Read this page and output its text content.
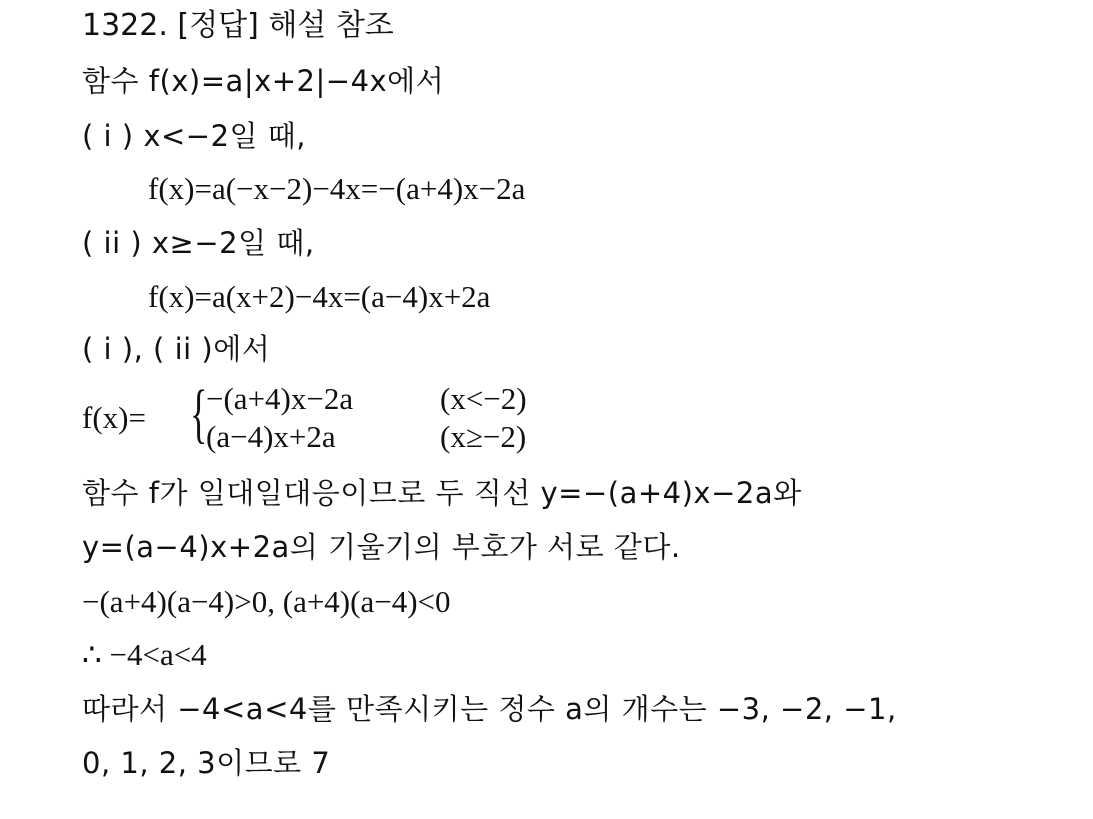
1322. [정답] 해설 참조
함수 f(x)=a|x+2|−4x에서
( i ) x<−2일 때,
f(x)=a(−x−2)−4x=−(a+4)x−2a
( ii ) x≥−2일 때,
f(x)=a(x+2)−4x=(a−4)x+2a
( i ), ( ii )에서
f(x)= {
−(a+4)x−2a	(x<−2)
(a−4)x+2a	(x≥−2)
함수 f가 일대일대응이므로 두 직선 y=−(a+4)x−2a와
y=(a−4)x+2a의 기울기의 부호가 서로 같다.
−(a+4)(a−4)>0, (a+4)(a−4)<0
∴ −4<a<4
따라서 −4<a<4를 만족시키는 정수 a의 개수는 −3, −2, −1,
0, 1, 2, 3이므로 7
